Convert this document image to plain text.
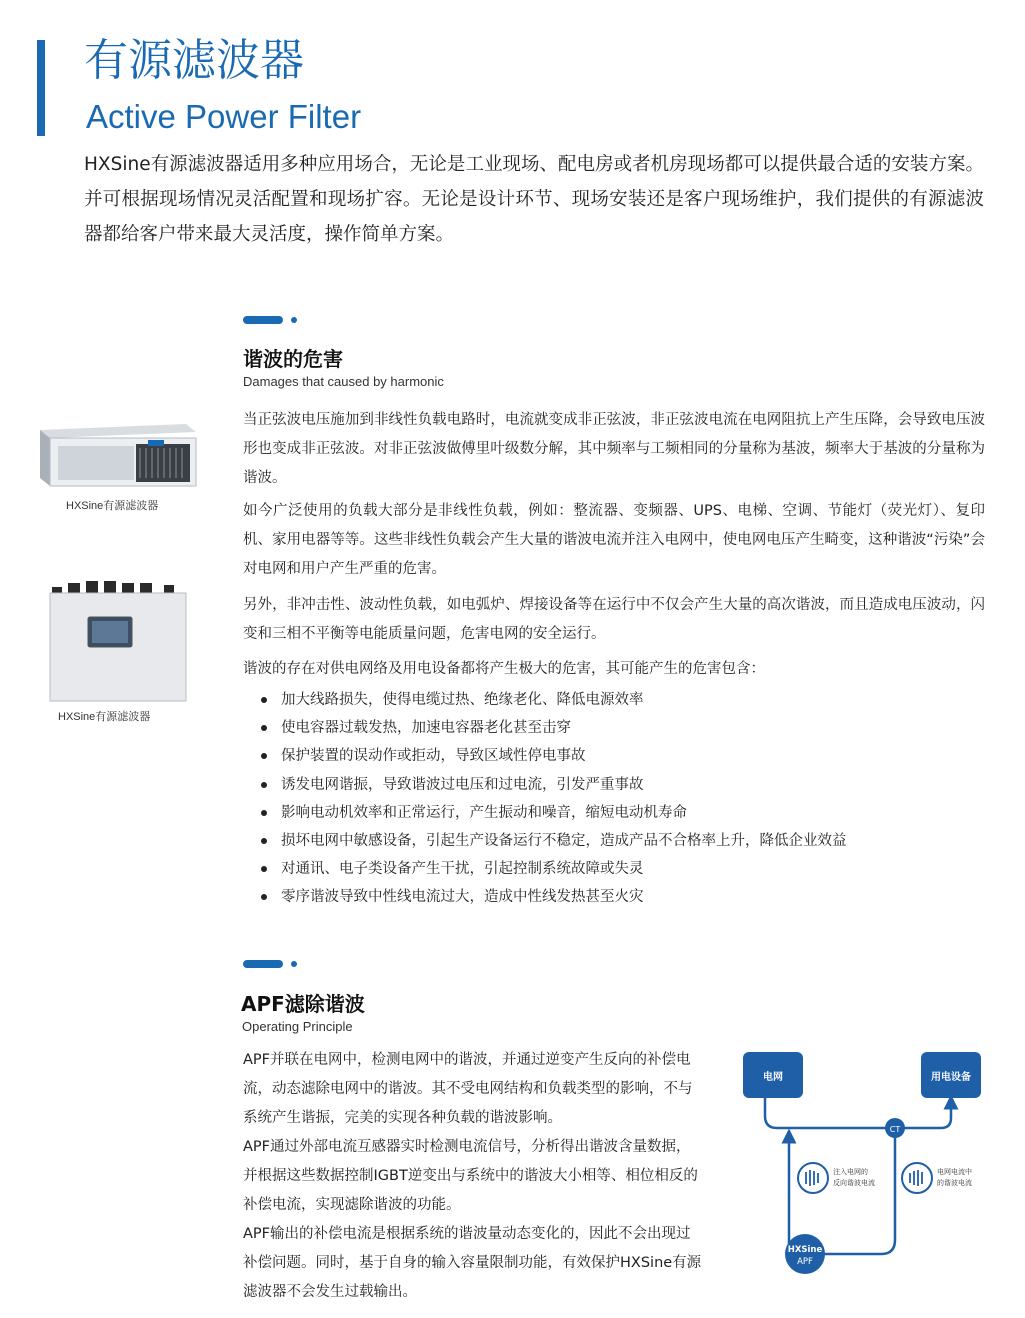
有源滤波器
Active Power Filter

HXSine有源滤波器适用多种应用场合，无论是工业现场、配电房或者机房现场都可以提供最合适的安装方案。并可根据现场情况灵活配置和现场扩容。无论是设计环节、现场安装还是客户现场维护，我们提供的有源滤波器都给客户带来最大灵活度，操作简单方案。

谐波的危害
Damages that caused by harmonic

当正弦波电压施加到非线性负载电路时，电流就变成非正弦波，非正弦波电流在电网阻抗上产生压降，会导致电压波形也变成非正弦波。对非正弦波做傅里叶级数分解，其中频率与工频相同的分量称为基波，频率大于基波的分量称为谐波。

如今广泛使用的负载大部分是非线性负载，例如：整流器、变频器、UPS、电梯、空调、节能灯（荧光灯）、复印机、家用电器等等。这些非线性负载会产生大量的谐波电流并注入电网中，使电网电压产生畸变，这种谐波“污染”会对电网和用户产生严重的危害。

另外，非冲击性、波动性负载，如电弧炉、焊接设备等在运行中不仅会产生大量的高次谐波，而且造成电压波动，闪变和三相不平衡等电能质量问题，危害电网的安全运行。

谐波的存在对供电网络及用电设备都将产生极大的危害，其可能产生的危害包含：

加大线路损失，使得电缆过热、绝缘老化、降低电源效率
使电容器过载发热，加速电容器老化甚至击穿
保护装置的误动作或拒动，导致区域性停电事故
诱发电网谐振，导致谐波过电压和过电流，引发严重事故
影响电动机效率和正常运行，产生振动和噪音，缩短电动机寿命
损坏电网中敏感设备，引起生产设备运行不稳定，造成产品不合格率上升，降低企业效益
对通讯、电子类设备产生干扰，引起控制系统故障或失灵
零序谐波导致中性线电流过大，造成中性线发热甚至火灾
HXSine有源滤波器
HXSine有源滤波器
APF滤除谐波
Operating Principle

APF并联在电网中，检测电网中的谐波，并通过逆变产生反向的补偿电流，动态滤除电网中的谐波。其不受电网结构和负载类型的影响，不与系统产生谐振，完美的实现各种负载的谐波影响。
APF通过外部电流互感器实时检测电流信号，分析得出谐波含量数据，并根据这些数据控制IGBT逆变出与系统中的谐波大小相等、相位相反的补偿电流，实现滤除谐波的功能。
APF输出的补偿电流是根据系统的谐波量动态变化的，因此不会出现过补偿问题。同时，基于自身的输入容量限制功能，有效保护HXSine有源滤波器不会发生过载输出。

电网	用电设备
CT
HXSine
APF
注入电网的
反向谐波电流
电网电流中
的谐波电流
